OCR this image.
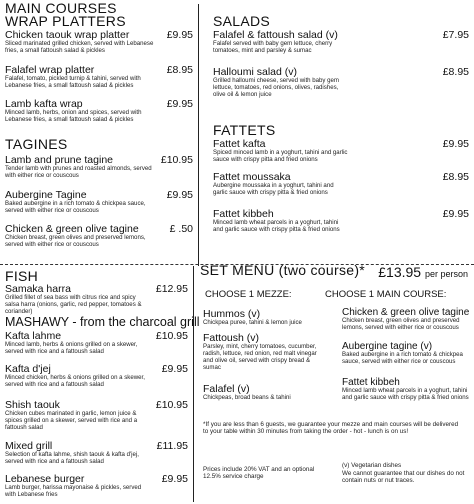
MAIN COURSES
WRAP PLATTERS
Chicken taouk wrap platter	£9.95
Sliced marinated grilled chicken, served with Lebanese fries, a small fattoush salad & pickles
Falafel wrap platter	£8.95
Falafel, tomato, pickled turnip & tahini, served with Lebanese fries, a small fattoush salad & pickles
Lamb kafta wrap	£9.95
Minced lamb, herbs, onion and spices, served with Lebanese fries, a small fattoush salad & pickles
TAGINES
Lamb and prune tagine	£10.95
Tender lamb with prunes and roasted almonds, served with either rice or couscous
Aubergine Tagine	£9.95
Baked aubergine in a rich tomato & chickpea sauce, served with either rice or couscous
Chicken & green olive tagine	£ .50
Chicken breast, green olives and preserved lemons, served with either rice or couscous
SALADS
Falafel & fattoush salad (v)	£7.95
Falafel served with baby gem lettuce, cherry tomatoes, mint and parsley & sumac
Halloumi salad (v)	£8.95
Grilled halloumi cheese, served with baby gem lettuce, tomatoes, red onions, olives, radishes, olive oil & lemon juice
FATTETS
Fattet kafta	£9.95
Spiced minced lamb in a yoghurt, tahini and garlic sauce with crispy pitta and fried onions
Fattet moussaka	£8.95
Aubergine moussaka in a yoghurt, tahini and garlic sauce with crispy pitta & fried onions
Fattet kibbeh	£9.95
Minced lamb wheat parcels in a yoghurt, tahini and garlic sauce with crispy pitta & fried onions
FISH
Samaka harra	£12.95
Grilled fillet of sea bass with citrus rice and spicy salsa harra (onions, garlic, red pepper, tomatoes & coriander)
MASHAWY - from the charcoal grill
Kafta lahme	£10.95
Minced lamb, herbs & onions grilled on a skewer, served with rice and a fattoush salad
Kafta d'jej	£9.95
Minced chicken, herbs & onions grilled on a skewer, served with rice and a fattoush salad
Shish taouk	£10.95
Chicken cubes marinated in garlic, lemon juice & spices grilled on a skewer, served with rice and a fattoush salad
Mixed grill	£11.95
Selection of kafta lahme, shish taouk & kafta d'jej, served with rice and a fattoush salad
Lebanese burger	£9.95
Lamb burger, harissa mayonaise & pickles, served with Lebanese fries
SET MENU (two course)* £13.95 per person
CHOOSE 1 MEZZE:	CHOOSE 1 MAIN COURSE:
Hummos (v)
Chickpea puree, tahini & lemon juice
Fattoush (v)
Parsley, mint, cherry tomatoes, cucumber, radish, lettuce, red onion, red malt vinegar and olive oil, served with crispy bread & sumac
Falafel (v)
Chickpeas, broad beans & tahini
Chicken & green olive tagine
Chicken breast, green olives and preserved lemons, served with either rice or couscous
Aubergine tagine (v)
Baked aubergine in a rich tomato & chickpea sauce, served with either rice or couscous
Fattet kibbeh
Minced lamb wheat parcels in a yoghurt, tahini and garlic sauce with crispy pitta & fried onions
*If you are less than 6 guests, we guarantee your mezze and main courses will be delivered to your table within 30 minutes from taking the order - hot - lunch is on us!
Prices include 20% VAT and an optional 12.5% service charge
(v) Vegetarian dishes
We cannot guarantee that our dishes do not contain nuts or nut traces.
